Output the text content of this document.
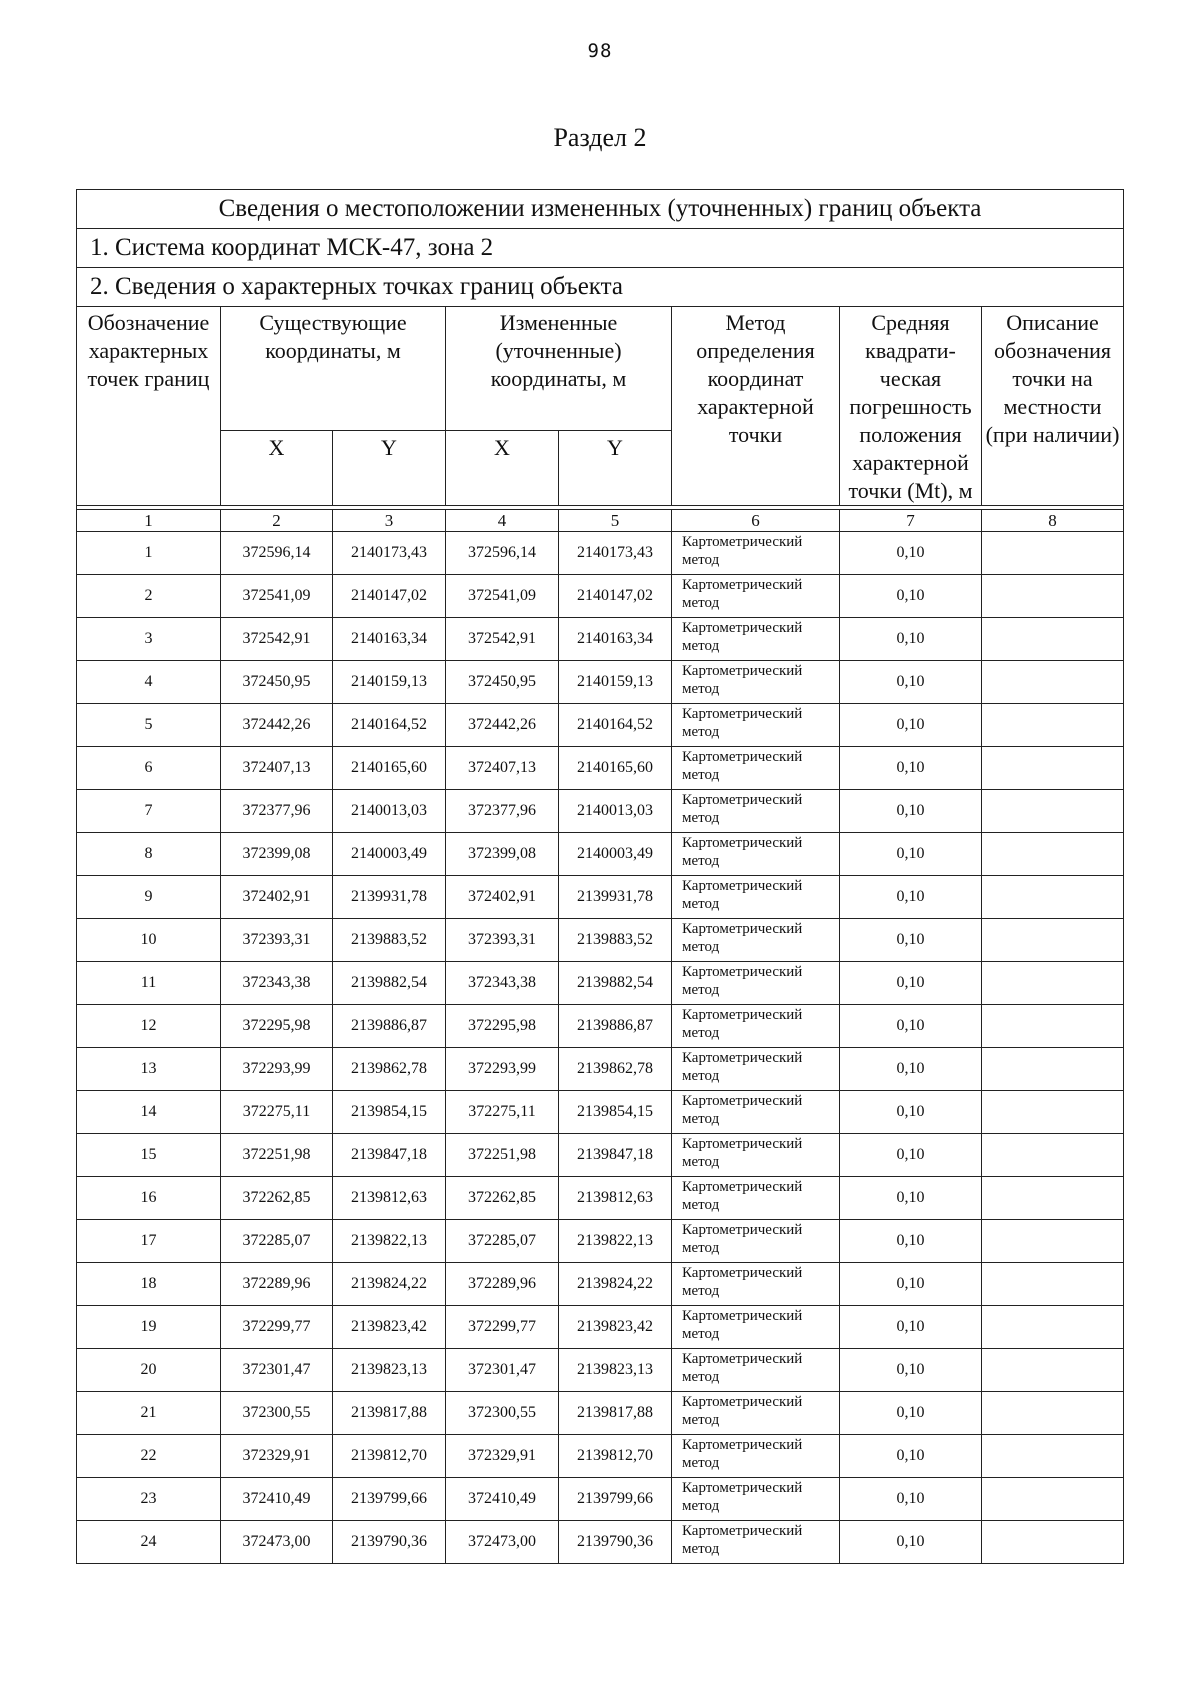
98
Раздел 2
Сведения о местоположении измененных (уточненных) границ объекта							
1. Система координат МСК-47, зона 2							
2. Сведения о характерных точках границ объекта							
Обозначение характерных точек границ	Существующие координаты, м		Измененные (уточненные) координаты, м		Метод определения координат характерной точки	Средняя квадрати-ческая погрешность положения характерной точки (Mt), м	Описание обозначения точки на местности (при наличии)
	X	Y	X	Y			

1	2	3	4	5	6	7	8
1	372596,14	2140173,43	372596,14	2140173,43	Картометрический метод	0,10	
2	372541,09	2140147,02	372541,09	2140147,02	Картометрический метод	0,10	
3	372542,91	2140163,34	372542,91	2140163,34	Картометрический метод	0,10	
4	372450,95	2140159,13	372450,95	2140159,13	Картометрический метод	0,10	
5	372442,26	2140164,52	372442,26	2140164,52	Картометрический метод	0,10	
6	372407,13	2140165,60	372407,13	2140165,60	Картометрический метод	0,10	
7	372377,96	2140013,03	372377,96	2140013,03	Картометрический метод	0,10	
8	372399,08	2140003,49	372399,08	2140003,49	Картометрический метод	0,10	
9	372402,91	2139931,78	372402,91	2139931,78	Картометрический метод	0,10	
10	372393,31	2139883,52	372393,31	2139883,52	Картометрический метод	0,10	
11	372343,38	2139882,54	372343,38	2139882,54	Картометрический метод	0,10	
12	372295,98	2139886,87	372295,98	2139886,87	Картометрический метод	0,10	
13	372293,99	2139862,78	372293,99	2139862,78	Картометрический метод	0,10	
14	372275,11	2139854,15	372275,11	2139854,15	Картометрический метод	0,10	
15	372251,98	2139847,18	372251,98	2139847,18	Картометрический метод	0,10	
16	372262,85	2139812,63	372262,85	2139812,63	Картометрический метод	0,10	
17	372285,07	2139822,13	372285,07	2139822,13	Картометрический метод	0,10	
18	372289,96	2139824,22	372289,96	2139824,22	Картометрический метод	0,10	
19	372299,77	2139823,42	372299,77	2139823,42	Картометрический метод	0,10	
20	372301,47	2139823,13	372301,47	2139823,13	Картометрический метод	0,10	
21	372300,55	2139817,88	372300,55	2139817,88	Картометрический метод	0,10	
22	372329,91	2139812,70	372329,91	2139812,70	Картометрический метод	0,10	
23	372410,49	2139799,66	372410,49	2139799,66	Картометрический метод	0,10	
24	372473,00	2139790,36	372473,00	2139790,36	Картометрический метод	0,10	
